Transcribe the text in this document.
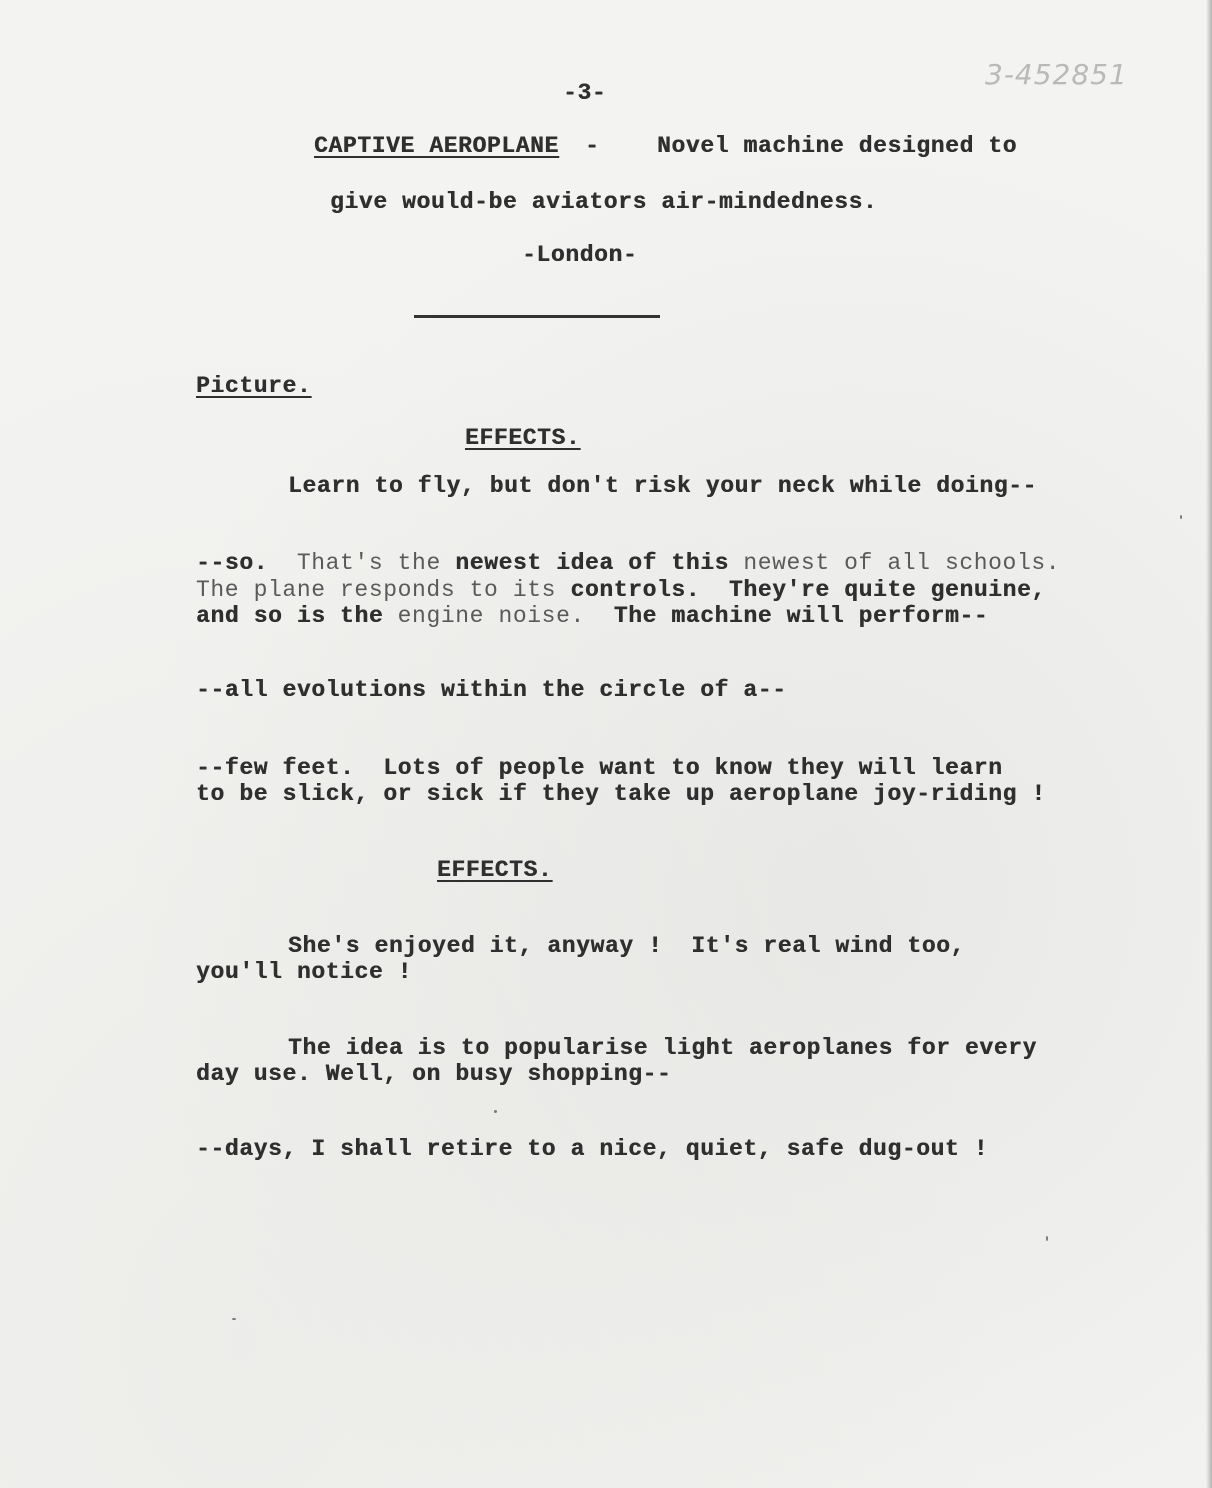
3-452851
-3-
CAPTIVE AEROPLANE -	Novel machine designed to
give would-be aviators air-mindedness.
-London-
Picture.
EFFECTS.
Learn to fly, but don't risk your neck while doing--
--so.  That's the newest idea of this newest of all schools.
The plane responds to its controls.  They're quite genuine,
and so is the engine noise.  The machine will perform--
--all evolutions within the circle of a--
--few feet.  Lots of people want to know they will learn
to be slick, or sick if they take up aeroplane joy-riding !
EFFECTS.
She's enjoyed it, anyway !  It's real wind too,
you'll notice !
The idea is to popularise light aeroplanes for every
day use. Well, on busy shopping--
--days, I shall retire to a nice, quiet, safe dug-out !
